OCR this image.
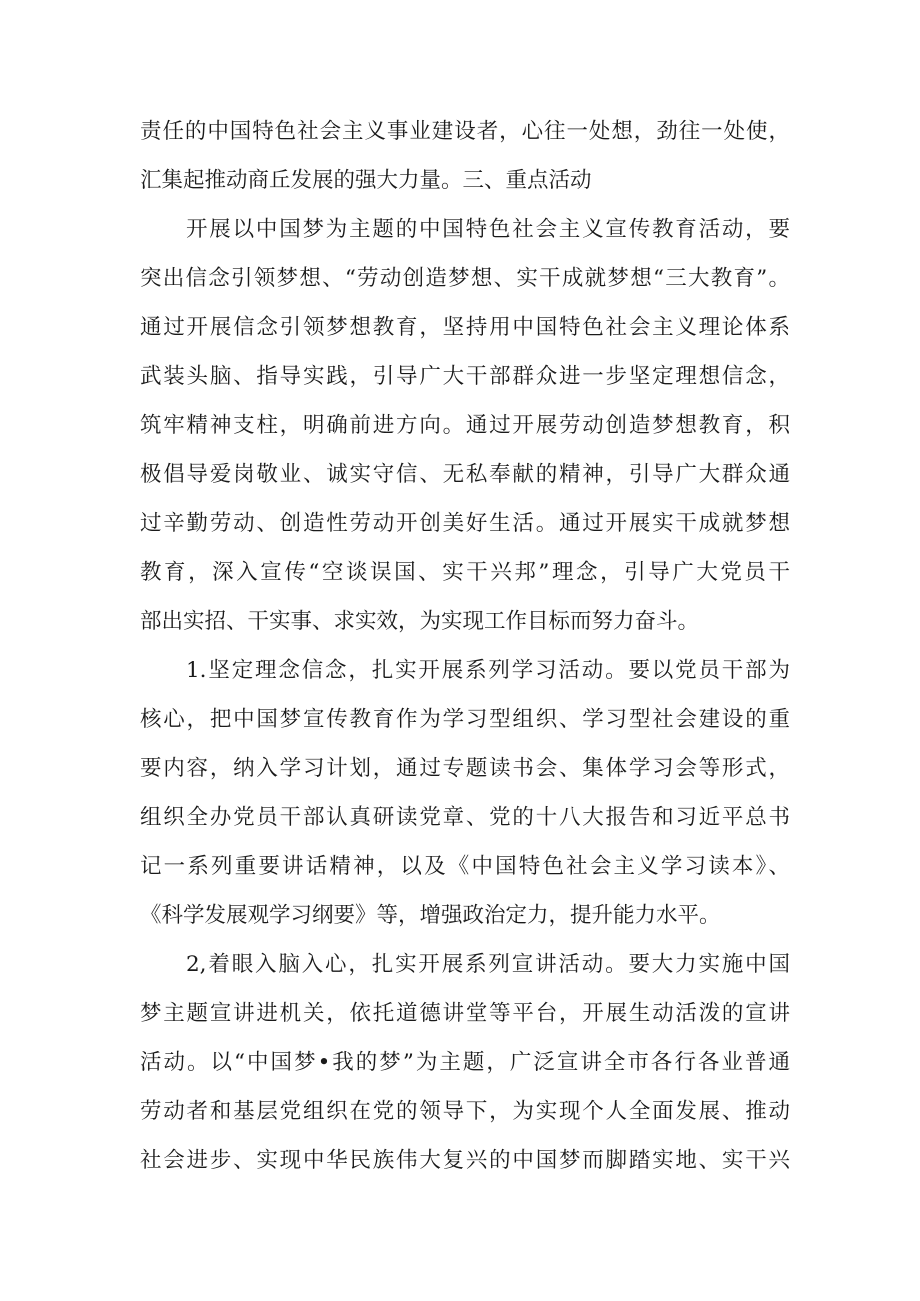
责任的中国特色社会主义事业建设者，心往一处想，劲往一处使，
汇集起推动商丘发展的强大力量。三、重点活动
开展以中国梦为主题的中国特色社会主义宣传教育活动，要
突出信念引领梦想、“劳动创造梦想、实干成就梦想“三大教育”。
通过开展信念引领梦想教育，坚持用中国特色社会主义理论体系
武装头脑、指导实践，引导广大干部群众进一步坚定理想信念，
筑牢精神支柱，明确前进方向。通过开展劳动创造梦想教育，积
极倡导爱岗敬业、诚实守信、无私奉献的精神，引导广大群众通
过辛勤劳动、创造性劳动开创美好生活。通过开展实干成就梦想
教育，深入宣传“空谈误国、实干兴邦”理念，引导广大党员干
部出实招、干实事、求实效，为实现工作目标而努力奋斗。
1.坚定理念信念，扎实开展系列学习活动。要以党员干部为
核心，把中国梦宣传教育作为学习型组织、学习型社会建设的重
要内容，纳入学习计划，通过专题读书会、集体学习会等形式，
组织全办党员干部认真研读党章、党的十八大报告和习近平总书
记一系列重要讲话精神，以及《中国特色社会主义学习读本》、
《科学发展观学习纲要》等，增强政治定力，提升能力水平。
2,着眼入脑入心，扎实开展系列宣讲活动。要大力实施中国
梦主题宣讲进机关，依托道德讲堂等平台，开展生动活泼的宣讲
活动。以“中国梦•我的梦”为主题，广泛宣讲全市各行各业普通
劳动者和基层党组织在党的领导下，为实现个人全面发展、推动
社会进步、实现中华民族伟大复兴的中国梦而脚踏实地、实干兴
